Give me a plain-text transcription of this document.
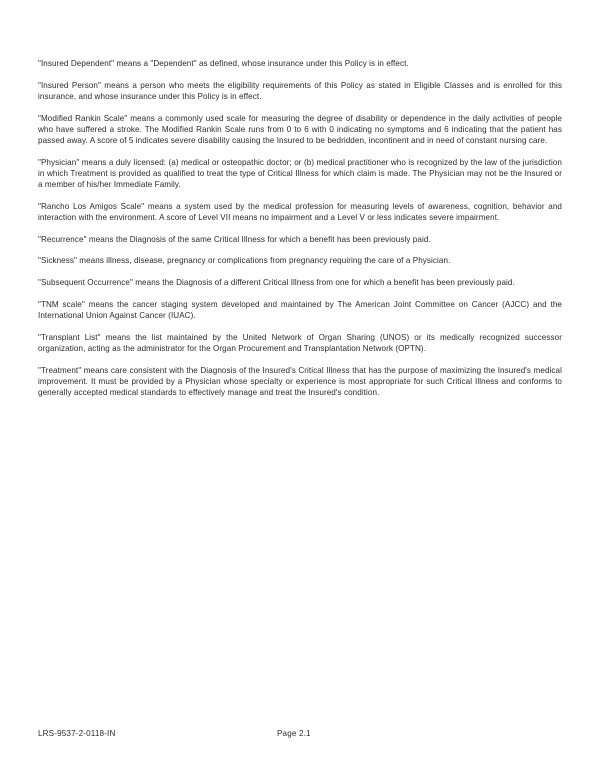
"Insured Dependent" means a "Dependent" as defined, whose insurance under this Policy is in effect.

"Insured Person" means a person who meets the eligibility requirements of this Policy as stated in Eligible Classes and is enrolled for this insurance, and whose insurance under this Policy is in effect.

"Modified Rankin Scale" means a commonly used scale for measuring the degree of disability or dependence in the daily activities of people who have suffered a stroke. The Modified Rankin Scale runs from 0 to 6 with 0 indicating no symptoms and 6 indicating that the patient has passed away. A score of 5 indicates severe disability causing the Insured to be bedridden, incontinent and in need of constant nursing care.

"Physician" means a duly licensed: (a) medical or osteopathic doctor; or (b) medical practitioner who is recognized by the law of the jurisdiction in which Treatment is provided as qualified to treat the type of Critical Illness for which claim is made. The Physician may not be the Insured or a member of his/her Immediate Family.

"Rancho Los Amigos Scale" means a system used by the medical profession for measuring levels of awareness, cognition, behavior and interaction with the environment. A score of Level VII means no impairment and a Level V or less indicates severe impairment.

"Recurrence" means the Diagnosis of the same Critical Illness for which a benefit has been previously paid.

"Sickness" means illness, disease, pregnancy or complications from pregnancy requiring the care of a Physician.

"Subsequent Occurrence" means the Diagnosis of a different Critical Illness from one for which a benefit has been previously paid.

"TNM scale" means the cancer staging system developed and maintained by The American Joint Committee on Cancer (AJCC) and the International Union Against Cancer (IUAC).

"Transplant List" means the list maintained by the United Network of Organ Sharing (UNOS) or its medically recognized successor organization, acting as the administrator for the Organ Procurement and Transplantation Network (OPTN).

"Treatment" means care consistent with the Diagnosis of the Insured's Critical Illness that has the purpose of maximizing the Insured's medical improvement. It must be provided by a Physician whose specialty or experience is most appropriate for such Critical Illness and conforms to generally accepted medical standards to effectively manage and treat the Insured's condition.

LRS-9537-2-0118-IN	Page 2.1
